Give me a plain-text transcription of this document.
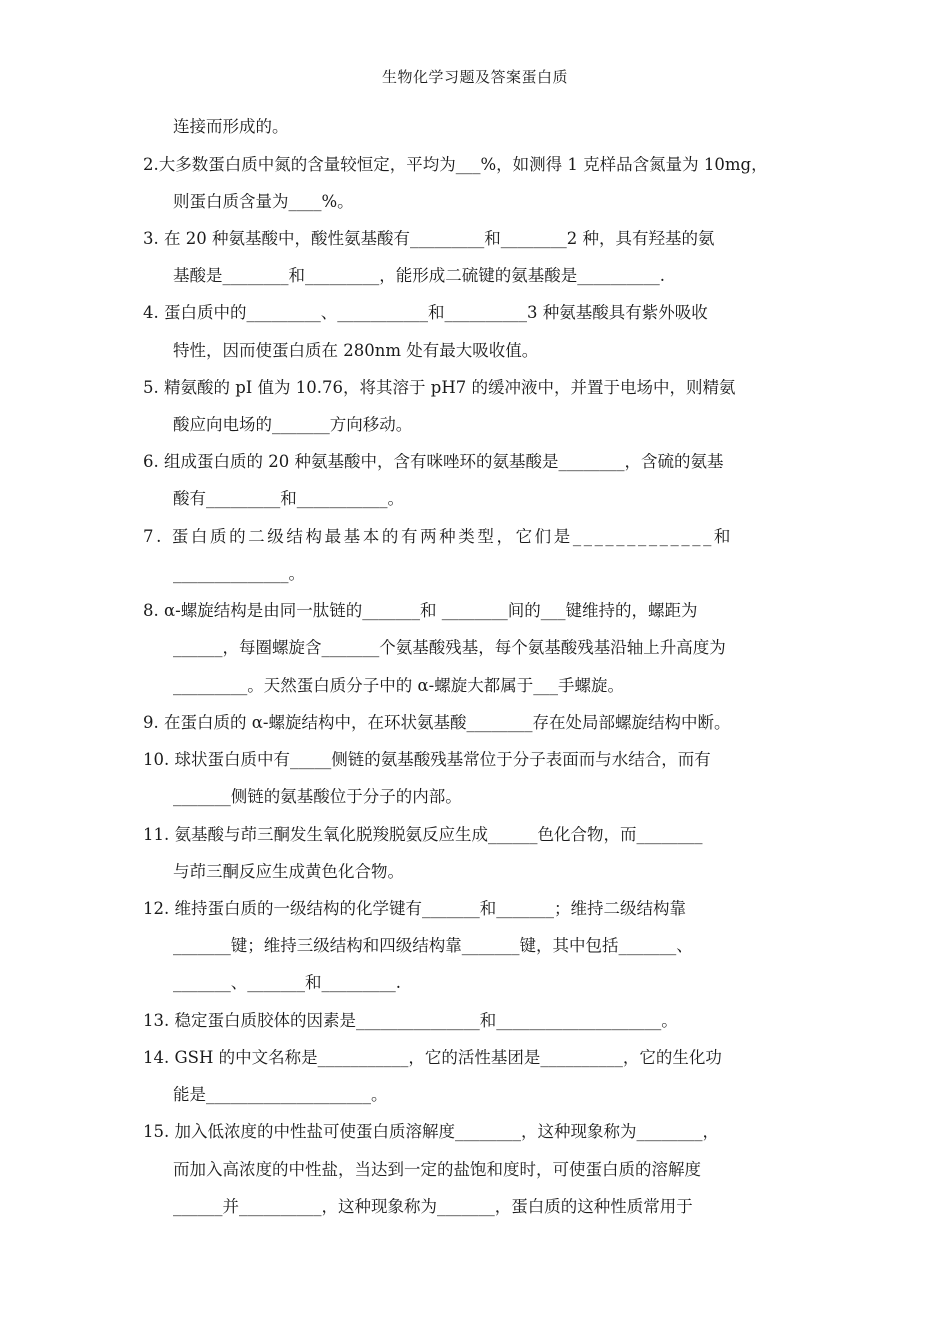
生物化学习题及答案蛋白质
连接而形成的。
2.大多数蛋白质中氮的含量较恒定，平均为___%，如测得 1 克样品含氮量为 10mg，
则蛋白质含量为____%。
3. 在 20 种氨基酸中，酸性氨基酸有_________和________2 种，具有羟基的氨
基酸是________和_________，能形成二硫键的氨基酸是__________.
4. 蛋白质中的_________、___________和__________3 种氨基酸具有紫外吸收
特性，因而使蛋白质在 280nm 处有最大吸收值。
5. 精氨酸的 pI 值为 10.76，将其溶于 pH7 的缓冲液中，并置于电场中，则精氨
酸应向电场的_______方向移动。
6. 组成蛋白质的 20 种氨基酸中，含有咪唑环的氨基酸是________，含硫的氨基
酸有_________和___________。
7. 蛋白质的二级结构最基本的有两种类型，它们是_____________和
______________。
8. α-螺旋结构是由同一肽链的_______和 ________间的___键维持的，螺距为
______，每圈螺旋含_______个氨基酸残基，每个氨基酸残基沿轴上升高度为
_________。天然蛋白质分子中的 α-螺旋大都属于___手螺旋。
9. 在蛋白质的 α-螺旋结构中，在环状氨基酸________存在处局部螺旋结构中断。
10. 球状蛋白质中有_____侧链的氨基酸残基常位于分子表面而与水结合，而有
_______侧链的氨基酸位于分子的内部。
11. 氨基酸与茚三酮发生氧化脱羧脱氨反应生成______色化合物，而________
与茚三酮反应生成黄色化合物。
12. 维持蛋白质的一级结构的化学键有_______和_______；维持二级结构靠
_______键；维持三级结构和四级结构靠_______键，其中包括_______、
_______、_______和_________.
13. 稳定蛋白质胶体的因素是_______________和____________________。
14. GSH 的中文名称是___________，它的活性基团是__________，它的生化功
能是____________________。
15. 加入低浓度的中性盐可使蛋白质溶解度________，这种现象称为________，
而加入高浓度的中性盐，当达到一定的盐饱和度时，可使蛋白质的溶解度
______并__________，这种现象称为_______，蛋白质的这种性质常用于
